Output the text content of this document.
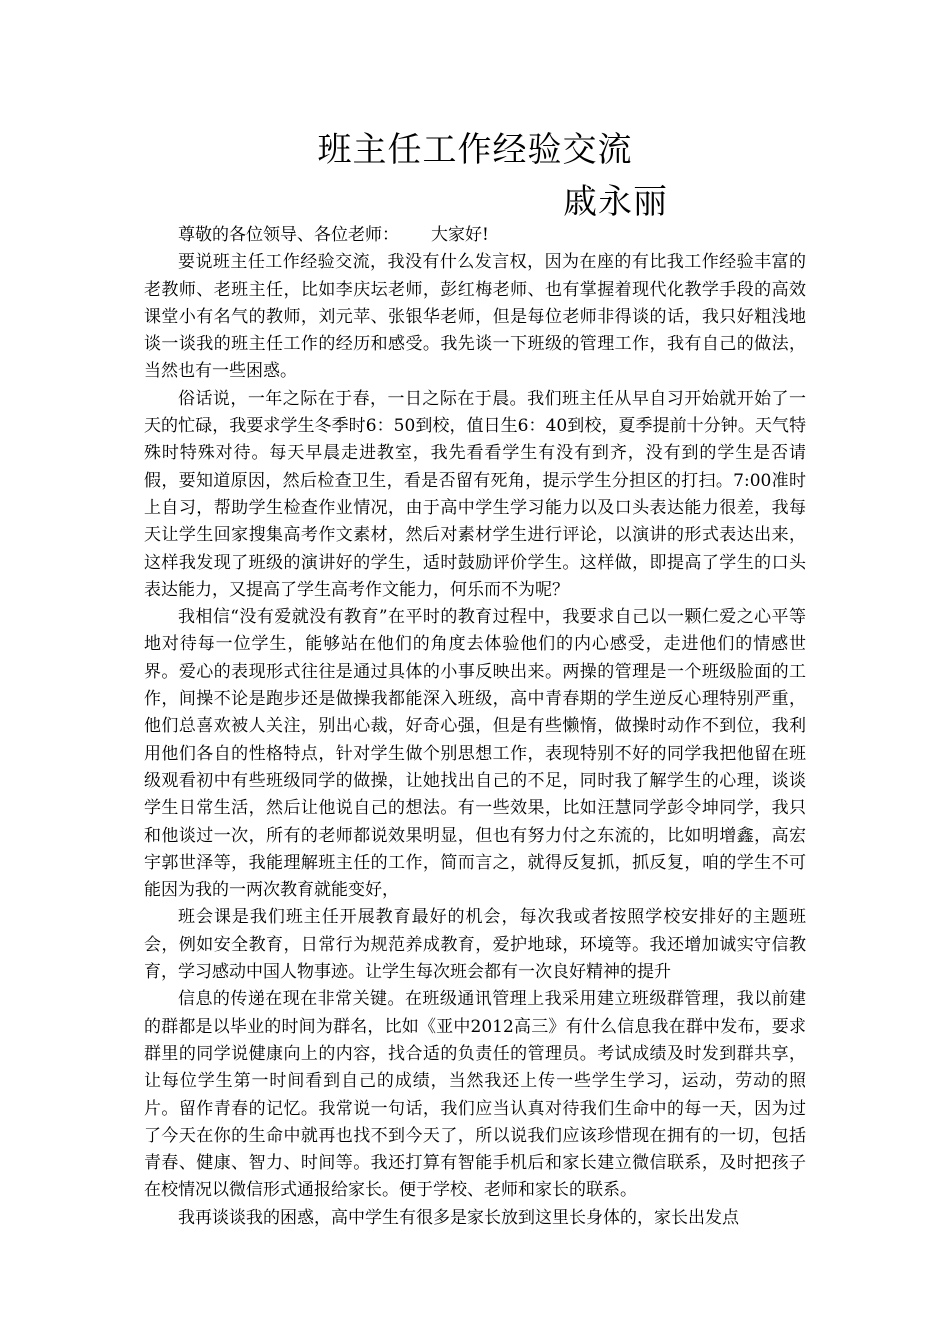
班主任工作经验交流
戚永丽

尊敬的各位领导、各位老师： 大家好!

要说班主任工作经验交流，我没有什么发言权，因为在座的有比我工作经验丰富的老教师、老班主任，比如李庆坛老师，彭红梅老师、也有掌握着现代化教学手段的高效课堂小有名气的教师，刘元苹、张银华老师，但是每位老师非得谈的话，我只好粗浅地谈一谈我的班主任工作的经历和感受。我先谈一下班级的管理工作，我有自己的做法，当然也有一些困惑。

俗话说，一年之际在于春，一日之际在于晨。我们班主任从早自习开始就开始了一天的忙碌，我要求学生冬季时6：50到校，值日生6：40到校，夏季提前十分钟。天气特殊时特殊对待。每天早晨走进教室，我先看看学生有没有到齐，没有到的学生是否请假，要知道原因，然后检查卫生，看是否留有死角，提示学生分担区的打扫。7:00准时上自习，帮助学生检查作业情况，由于高中学生学习能力以及口头表达能力很差，我每天让学生回家搜集高考作文素材，然后对素材学生进行评论，以演讲的形式表达出来，这样我发现了班级的演讲好的学生，适时鼓励评价学生。这样做，即提高了学生的口头表达能力，又提高了学生高考作文能力，何乐而不为呢？

我相信“没有爱就没有教育”在平时的教育过程中，我要求自己以一颗仁爱之心平等地对待每一位学生，能够站在他们的角度去体验他们的内心感受，走进他们的情感世界。爱心的表现形式往往是通过具体的小事反映出来。两操的管理是一个班级脸面的工作，间操不论是跑步还是做操我都能深入班级，高中青春期的学生逆反心理特别严重，他们总喜欢被人关注，别出心裁，好奇心强，但是有些懒惰，做操时动作不到位，我利用他们各自的性格特点，针对学生做个别思想工作，表现特别不好的同学我把他留在班级观看初中有些班级同学的做操，让她找出自己的不足，同时我了解学生的心理，谈谈学生日常生活，然后让他说自己的想法。有一些效果，比如汪慧同学彭令坤同学，我只和他谈过一次，所有的老师都说效果明显，但也有努力付之东流的，比如明增鑫，高宏宇郭世泽等，我能理解班主任的工作，简而言之，就得反复抓，抓反复，咱的学生不可能因为我的一两次教育就能变好，

班会课是我们班主任开展教育最好的机会，每次我或者按照学校安排好的主题班会，例如安全教育，日常行为规范养成教育，爱护地球，环境等。我还增加诚实守信教育，学习感动中国人物事迹。让学生每次班会都有一次良好精神的提升

信息的传递在现在非常关键。在班级通讯管理上我采用建立班级群管理，我以前建的群都是以毕业的时间为群名，比如《亚中2012高三》有什么信息我在群中发布，要求群里的同学说健康向上的内容，找合适的负责任的管理员。考试成绩及时发到群共享，让每位学生第一时间看到自己的成绩，当然我还上传一些学生学习，运动，劳动的照片。留作青春的记忆。我常说一句话，我们应当认真对待我们生命中的每一天，因为过了今天在你的生命中就再也找不到今天了，所以说我们应该珍惜现在拥有的一切，包括青春、健康、智力、时间等。我还打算有智能手机后和家长建立微信联系，及时把孩子在校情况以微信形式通报给家长。便于学校、老师和家长的联系。

我再谈谈我的困惑，高中学生有很多是家长放到这里长身体的，家长出发点
